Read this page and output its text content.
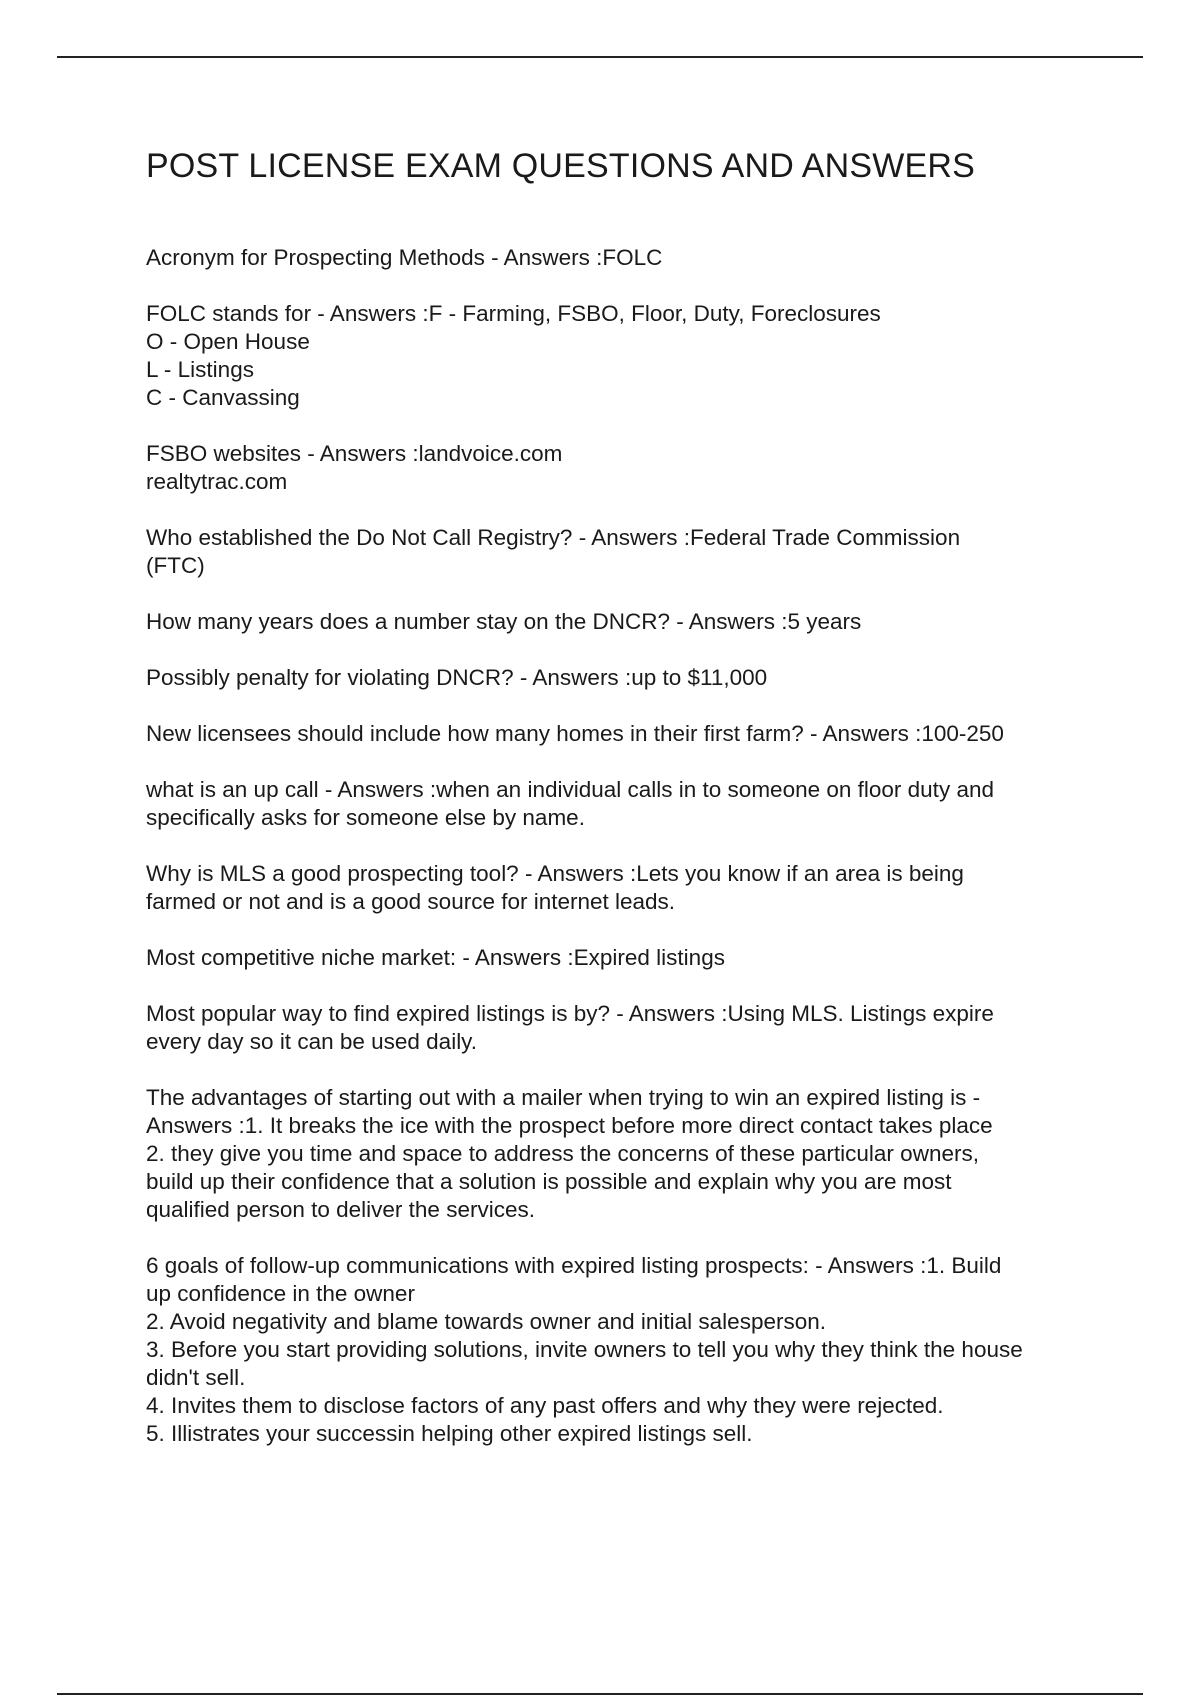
POST LICENSE EXAM QUESTIONS AND ANSWERS
Acronym for Prospecting Methods - Answers :FOLC
FOLC stands for - Answers :F - Farming, FSBO, Floor, Duty, Foreclosures
O - Open House
L - Listings
C - Canvassing
FSBO websites - Answers :landvoice.com
realtytrac.com
Who established the Do Not Call Registry? - Answers :Federal Trade Commission
(FTC)
How many years does a number stay on the DNCR? - Answers :5 years
Possibly penalty for violating DNCR? - Answers :up to $11,000
New licensees should include how many homes in their first farm? - Answers :100-250
what is an up call - Answers :when an individual calls in to someone on floor duty and
specifically asks for someone else by name.
Why is MLS a good prospecting tool? - Answers :Lets you know if an area is being
farmed or not and is a good source for internet leads.
Most competitive niche market: - Answers :Expired listings
Most popular way to find expired listings is by? - Answers :Using MLS. Listings expire
every day so it can be used daily.
The advantages of starting out with a mailer when trying to win an expired listing is -
Answers :1. It breaks the ice with the prospect before more direct contact takes place
2. they give you time and space to address the concerns of these particular owners,
build up their confidence that a solution is possible and explain why you are most
qualified person to deliver the services.
6 goals of follow-up communications with expired listing prospects: - Answers :1. Build
up confidence in the owner
2. Avoid negativity and blame towards owner and initial salesperson.
3. Before you start providing solutions, invite owners to tell you why they think the house
didn't sell.
4. Invites them to disclose factors of any past offers and why they were rejected.
5. Illistrates your successin helping other expired listings sell.
